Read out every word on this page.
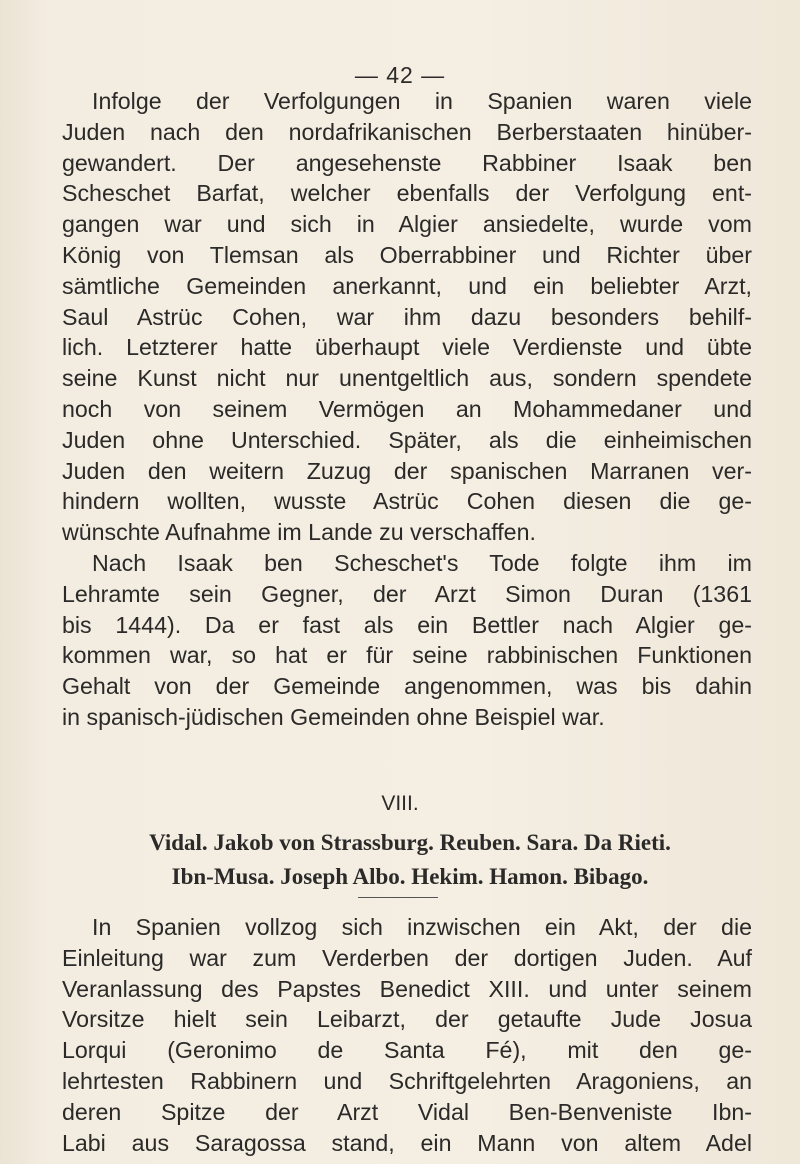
— 42 —
Infolge der Verfolgungen in Spanien waren viele
Juden nach den nordafrikanischen Berberstaaten hinüber-
gewandert. Der angesehenste Rabbiner Isaak ben
Scheschet Barfat, welcher ebenfalls der Verfolgung ent-
gangen war und sich in Algier ansiedelte, wurde vom
König von Tlemsan als Oberrabbiner und Richter über
sämtliche Gemeinden anerkannt, und ein beliebter Arzt,
Saul Astrüc Cohen, war ihm dazu besonders behilf-
lich. Letzterer hatte überhaupt viele Verdienste und übte
seine Kunst nicht nur unentgeltlich aus, sondern spendete
noch von seinem Vermögen an Mohammedaner und
Juden ohne Unterschied. Später, als die einheimischen
Juden den weitern Zuzug der spanischen Marranen ver-
hindern wollten, wusste Astrüc Cohen diesen die ge-
wünschte Aufnahme im Lande zu verschaffen.
Nach Isaak ben Scheschet's Tode folgte ihm im
Lehramte sein Gegner, der Arzt Simon Duran (1361
bis 1444). Da er fast als ein Bettler nach Algier ge-
kommen war, so hat er für seine rabbinischen Funktionen
Gehalt von der Gemeinde angenommen, was bis dahin
in spanisch-jüdischen Gemeinden ohne Beispiel war.
VIII.
Vidal. Jakob von Strassburg. Reuben. Sara. Da Rieti.
Ibn-Musa. Joseph Albo. Hekim. Hamon. Bibago.
In Spanien vollzog sich inzwischen ein Akt, der die
Einleitung war zum Verderben der dortigen Juden. Auf
Veranlassung des Papstes Benedict XIII. und unter seinem
Vorsitze hielt sein Leibarzt, der getaufte Jude Josua
Lorqui (Geronimo de Santa Fé), mit den ge-
lehrtesten Rabbinern und Schriftgelehrten Aragoniens, an
deren Spitze der Arzt Vidal Ben-Benveniste Ibn-
Labi aus Saragossa stand, ein Mann von altem Adel
